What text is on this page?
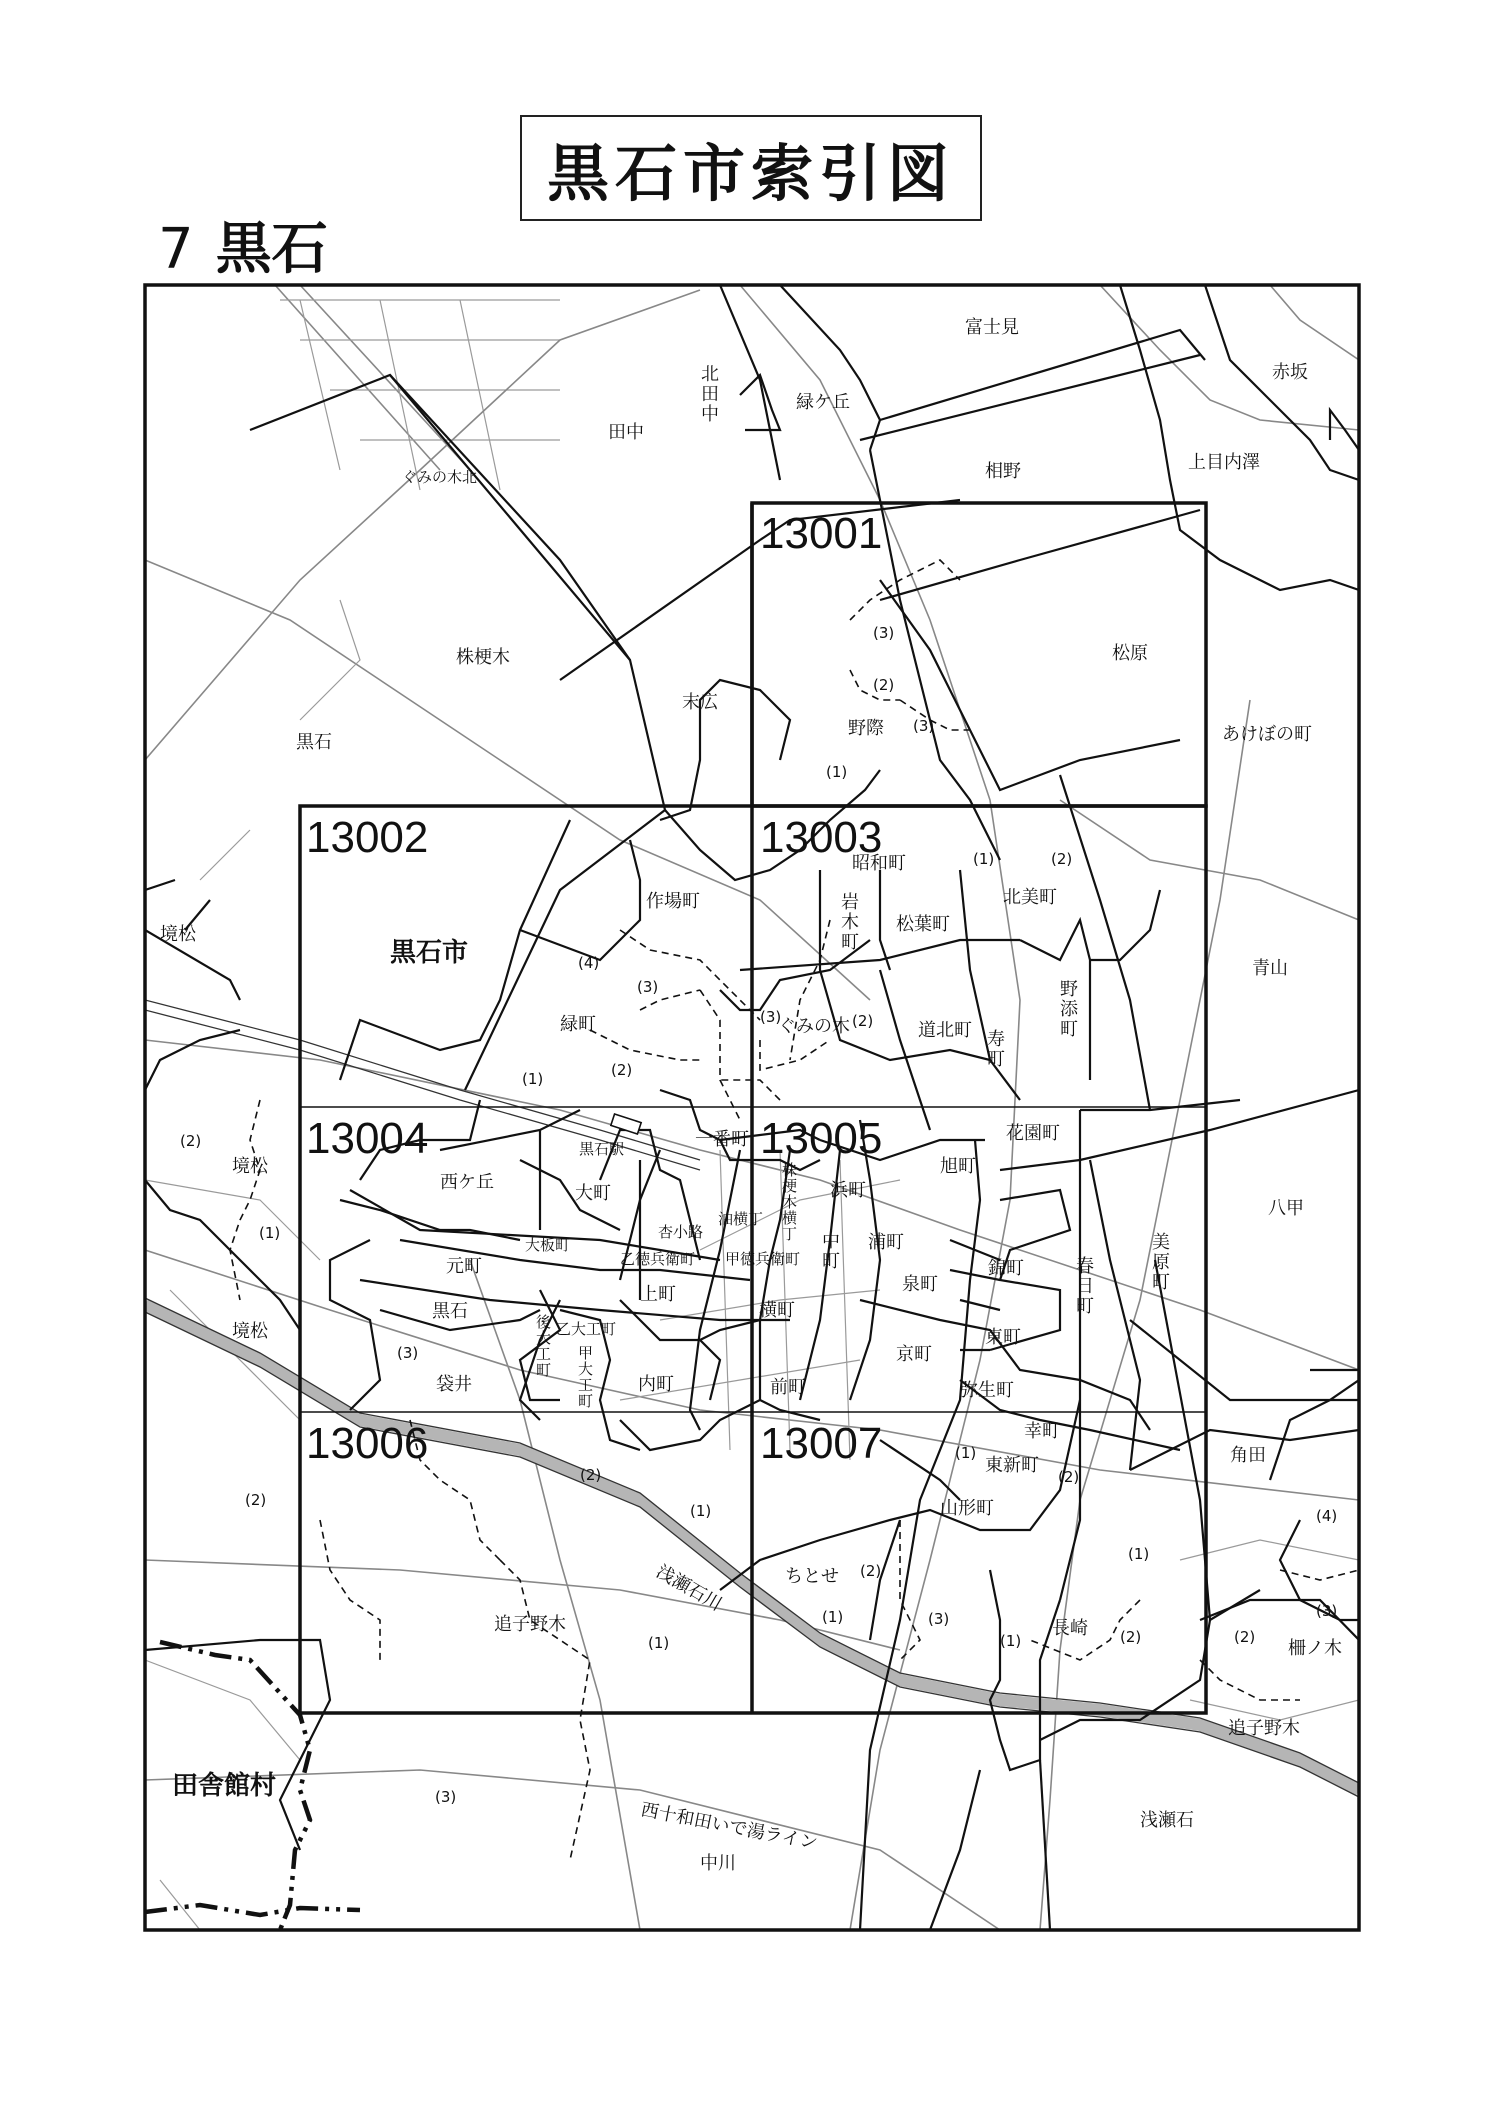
黒石市索引図
7 黒石
13001
13002	13003
13004	13005
13006	13007
黒石市
田舎館村
浅瀬石川
西十和田いで湯ライン
富士見
赤坂
北田中
緑ケ丘
田中
ぐみの木北	相野	上目内澤
株梗木
末広
松原
黒石
野際	あけぼの町
境松
作場町
昭和町
岩木町
松葉町
北美町
緑町	ぐみの木	道北町 寿町
野添町
青山
境松
西ケ丘
黒石駅	一番町	花園町
旭町
浜町
大町
大板町
油横丁
株梗木横丁
杏小路
乙徳兵衛町 甲徳兵衛町
浦町
錦町	春日町
美原町
八甲
元町
黒石
境松
上町
中町
泉町
横町
東町
後大工町
乙大工町
甲大工町
袋井	内町	前町
京町
弥生町
角田
幸町
東新町
山形町
ちとせ
追子野木	長崎
柵ノ木
追子野木
浅瀬石
中川
(3)
(2)
(3)
(1)
(1)	(2)
(4)
(3)
(3)	(2)
(1)	(2)
(2)
(1)
(3)
(2)
(1)
(1)
(2)
(1)
(4)
(2)
(1)	(3)
(1)	(2)	(2)
(3)
(2)
(1)
(3)
